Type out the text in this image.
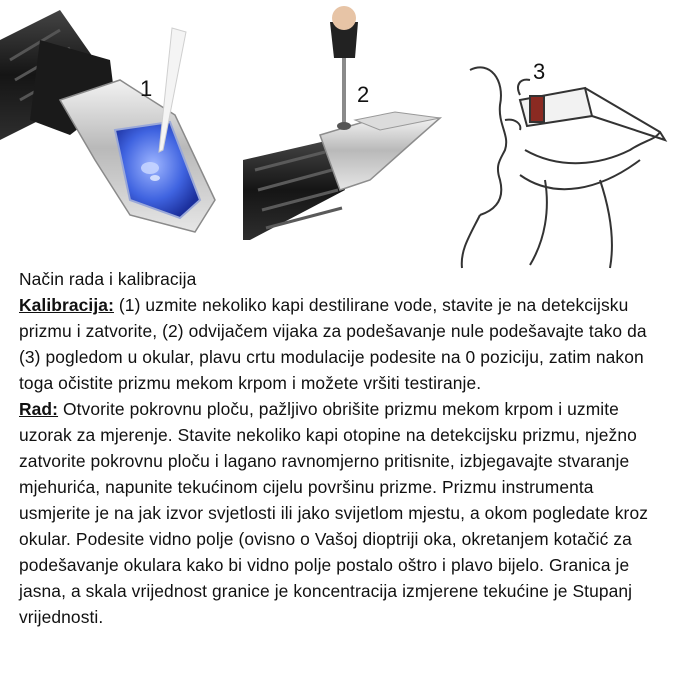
1	2
3

Način rada i kalibracija

Kalibracija: (1) uzmite nekoliko kapi destilirane vode, stavite je na detekcijsku prizmu i zatvorite, (2) odvijačem vijaka za podešavanje nule podešavajte tako da (3) pogledom u okular, plavu crtu modulacije podesite na 0 poziciju, zatim nakon toga očistite prizmu mekom krpom i možete vršiti testiranje.

Rad: Otvorite pokrovnu ploču, pažljivo obrišite prizmu mekom krpom i uzmite uzorak za mjerenje. Stavite nekoliko kapi otopine na detekcijsku prizmu, nježno zatvorite pokrovnu ploču i lagano ravnomjerno pritisnite, izbjegavajte stvaranje mjehurića, napunite tekućinom cijelu površinu prizme. Prizmu instrumenta usmjerite je na jak izvor svjetlosti ili jako svijetlom mjestu, a okom pogledate kroz okular. Podesite vidno polje (ovisno o Vašoj dioptriji oka, okretanjem kotačić za podešavanje okulara kako bi vidno polje postalo oštro i plavo bijelo. Granica je jasna, a skala vrijednost granice je koncentracija izmjerene tekućine je Stupanj vrijednosti.
